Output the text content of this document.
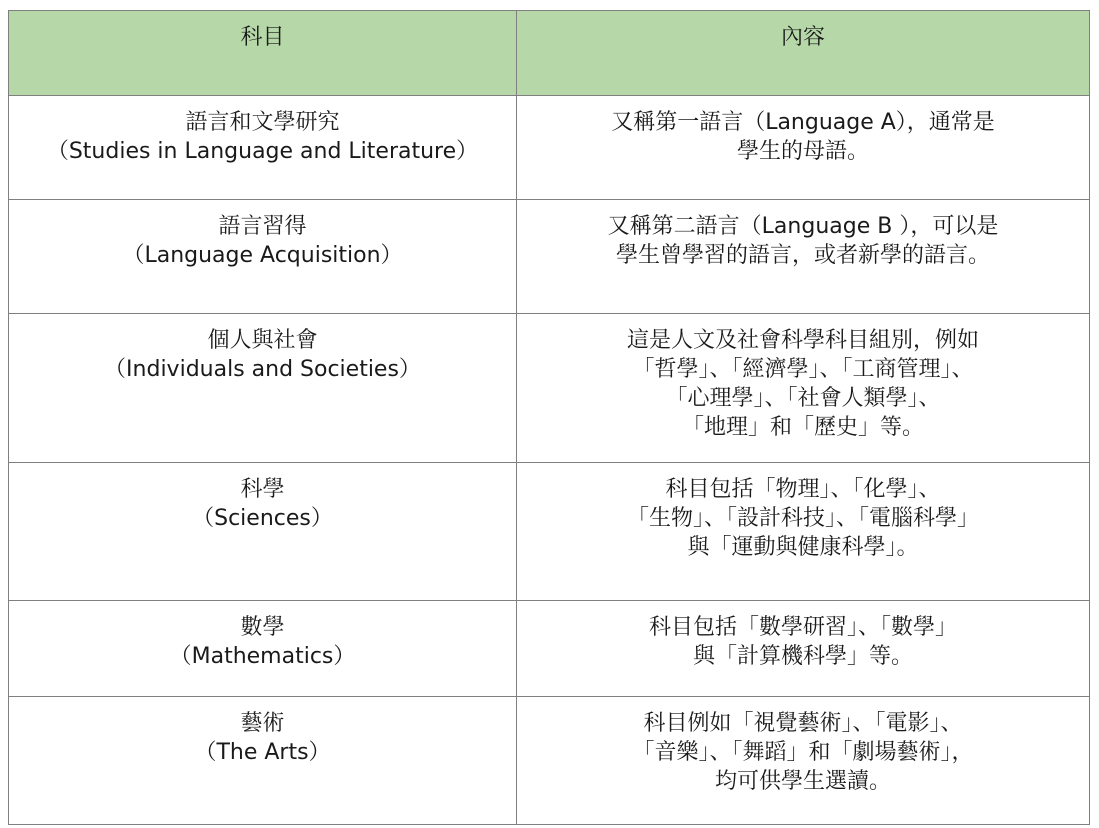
科目	內容

語言和文學研究
（Studies in Language and Literature）	又稱第一語言（Language A），通常是
學生的母語。

語言習得
（Language Acquisition）	又稱第二語言（Language B ），可以是
學生曾學習的語言，或者新學的語言。

個人與社會
（Individuals and Societies）	這是人文及社會科學科目組別，例如
「哲學」、「經濟學」、「工商管理」、
「心理學」、「社會人類學」、
「地理」和「歷史」等。

科學
（Sciences）	科目包括「物理」、「化學」、
「生物」、「設計科技」、「電腦科學」
與「運動與健康科學」。

數學
（Mathematics）	科目包括「數學研習」、「數學」
與「計算機科學」等。

藝術
（The Arts）	科目例如「視覺藝術」、「電影」、
「音樂」、「舞蹈」和「劇場藝術」，
均可供學生選讀。
